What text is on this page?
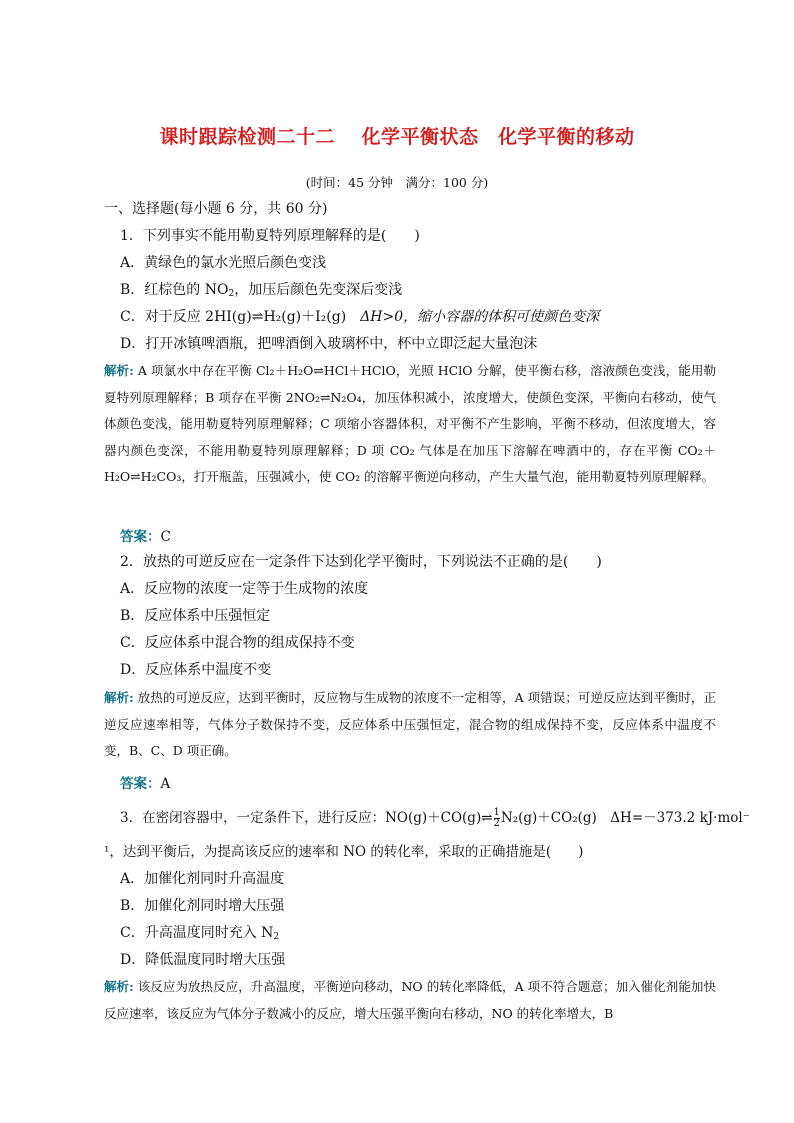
课时跟踪检测二十二　 化学平衡状态　化学平衡的移动
(时间：45 分钟　满分：100 分)
一、选择题(每小题 6 分，共 60 分)
1．下列事实不能用勒夏特列原理解释的是(　　)
A．黄绿色的氯水光照后颜色变浅
B．红棕色的 $NO_2$，加压后颜色先变深后变浅
C．对于反应 2HI(g)⇌H₂(g)＋I₂(g)　ΔH>0，缩小容器的体积可使颜色变深
D．打开冰镇啤酒瓶，把啤酒倒入玻璃杯中，杯中立即泛起大量泡沫
解析: A 项氯水中存在平衡 Cl₂＋H₂O⇌HCl＋HClO，光照 HClO 分解，使平衡右移，溶液颜色变浅，能用勒夏特列原理解释；B 项存在平衡 2NO₂⇌N₂O₄，加压体积减小，浓度增大，使颜色变深，平衡向右移动，使气体颜色变浅，能用勒夏特列原理解释；C 项缩小容器体积，对平衡不产生影响，平衡不移动，但浓度增大，容器内颜色变深，不能用勒夏特列原理解释；D 项 CO₂ 气体是在加压下溶解在啤酒中的，存在平衡 CO₂＋H₂O⇌H₂CO₃，打开瓶盖，压强减小，使 CO₂ 的溶解平衡逆向移动，产生大量气泡，能用勒夏特列原理解释。
答案：C
2．放热的可逆反应在一定条件下达到化学平衡时，下列说法不正确的是(　　)
A．反应物的浓度一定等于生成物的浓度
B．反应体系中压强恒定
C．反应体系中混合物的组成保持不变
D．反应体系中温度不变
解析: 放热的可逆反应，达到平衡时，反应物与生成物的浓度不一定相等，A 项错误；可逆反应达到平衡时，正逆反应速率相等，气体分子数保持不变，反应体系中压强恒定，混合物的组成保持不变，反应体系中温度不变，B、C、D 项正确。
答案：A
3．在密闭容器中，一定条件下，进行反应：NO(g)＋CO(g)⇌ $\frac{1}{2} N_2(g)+CO_2(g)$　ΔH=－373.2 kJ·mol⁻
¹，达到平衡后，为提高该反应的速率和 NO 的转化率，采取的正确措施是(　　)
A．加催化剂同时升高温度
B．加催化剂同时增大压强
C．升高温度同时充入 $N_2$
D．降低温度同时增大压强
解析: 该反应为放热反应，升高温度，平衡逆向移动，NO 的转化率降低，A 项不符合题意；加入催化剂能加快反应速率，该反应为气体分子数减小的反应，增大压强平衡向右移动，NO 的转化率增大，B
